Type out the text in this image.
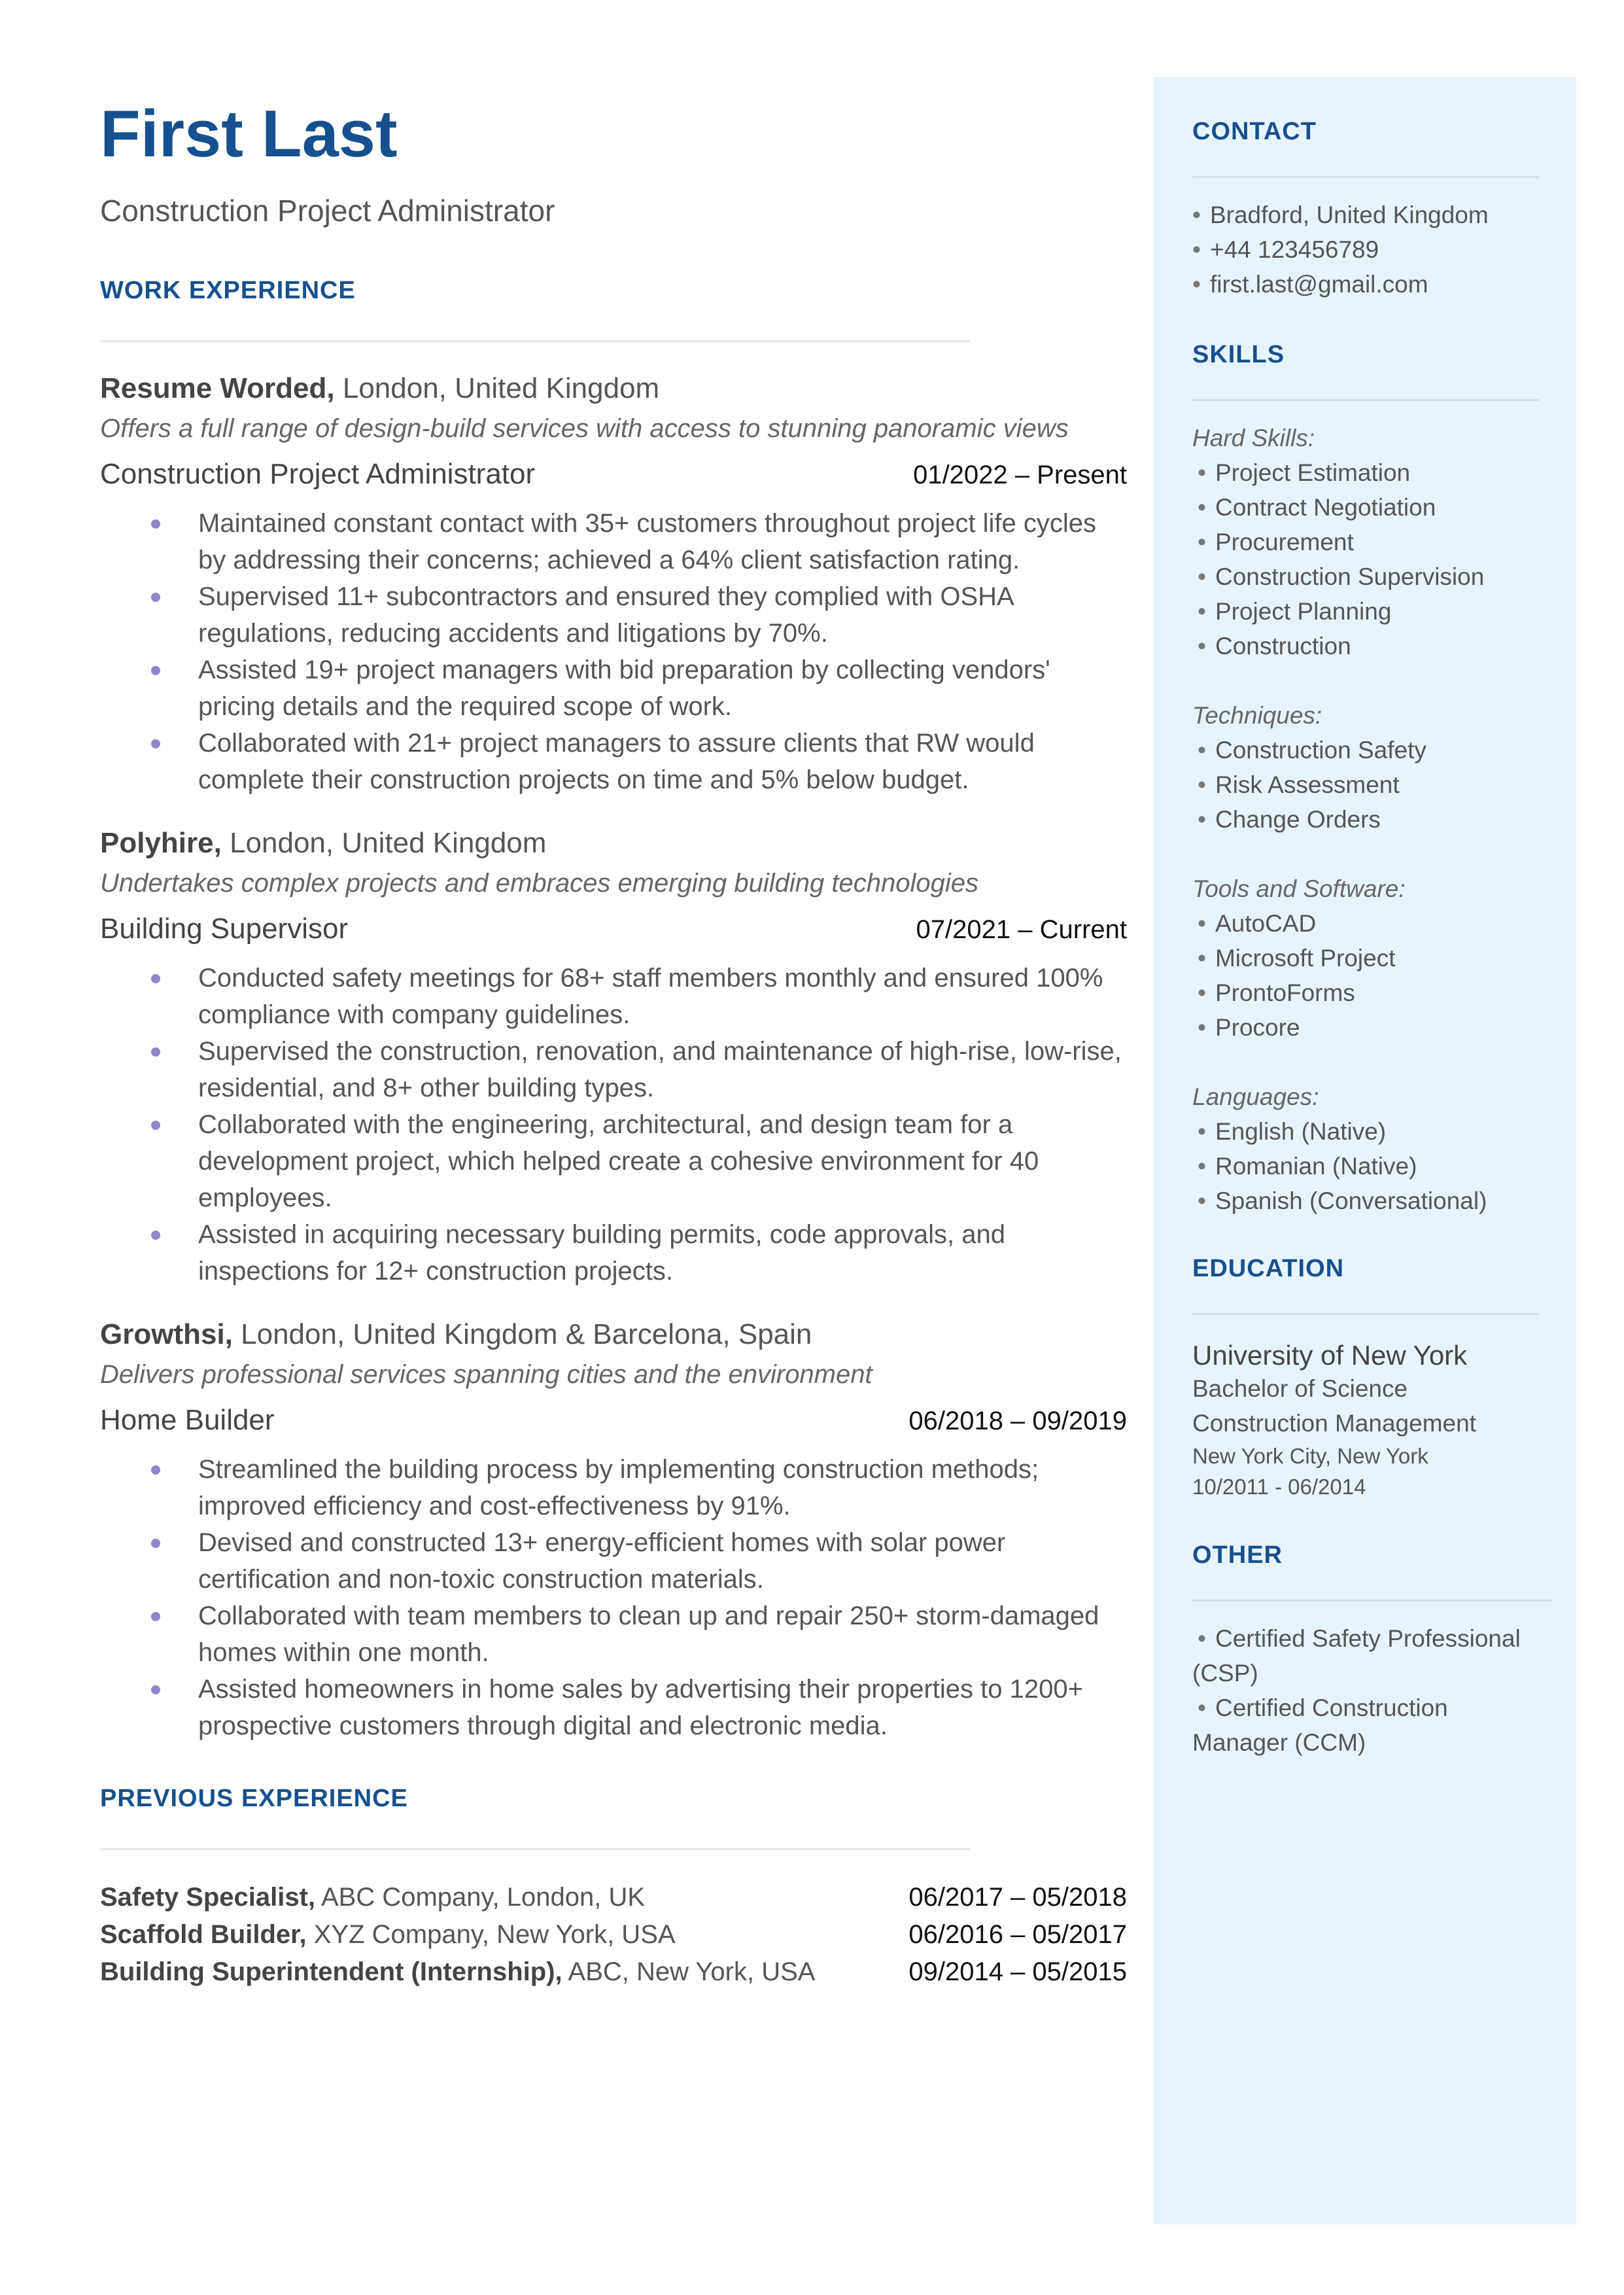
First Last
Construction Project Administrator
WORK EXPERIENCE
Resume Worded, London, United Kingdom
Offers a full range of design-build services with access to stunning panoramic views
Construction Project Administrator	01/2022 – Present
Maintained constant contact with 35+ customers throughout project life cycles by addressing their concerns; achieved a 64% client satisfaction rating.
Supervised 11+ subcontractors and ensured they complied with OSHA regulations, reducing accidents and litigations by 70%.
Assisted 19+ project managers with bid preparation by collecting vendors' pricing details and the required scope of work.
Collaborated with 21+ project managers to assure clients that RW would complete their construction projects on time and 5% below budget.
Polyhire, London, United Kingdom
Undertakes complex projects and embraces emerging building technologies
Building Supervisor	07/2021 – Current
Conducted safety meetings for 68+ staff members monthly and ensured 100% compliance with company guidelines.
Supervised the construction, renovation, and maintenance of high-rise, low-rise, residential, and 8+ other building types.
Collaborated with the engineering, architectural, and design team for a development project, which helped create a cohesive environment for 40 employees.
Assisted in acquiring necessary building permits, code approvals, and inspections for 12+ construction projects.
Growthsi, London, United Kingdom & Barcelona, Spain
Delivers professional services spanning cities and the environment
Home Builder	06/2018 – 09/2019
Streamlined the building process by implementing construction methods; improved efficiency and cost-effectiveness by 91%.
Devised and constructed 13+ energy-efficient homes with solar power certification and non-toxic construction materials.
Collaborated with team members to clean up and repair 250+ storm-damaged homes within one month.
Assisted homeowners in home sales by advertising their properties to 1200+ prospective customers through digital and electronic media.
PREVIOUS EXPERIENCE
Safety Specialist, ABC Company, London, UK	06/2017 – 05/2018
Scaffold Builder, XYZ Company, New York, USA	06/2016 – 05/2017
Building Superintendent (Internship), ABC, New York, USA	09/2014 – 05/2015
CONTACT
• Bradford, United Kingdom
• +44 123456789
• first.last@gmail.com
SKILLS
Hard Skills:
• Project Estimation
• Contract Negotiation
• Procurement
• Construction Supervision
• Project Planning
• Construction
Techniques:
• Construction Safety
• Risk Assessment
• Change Orders
Tools and Software:
• AutoCAD
• Microsoft Project
• ProntoForms
• Procore
Languages:
• English (Native)
• Romanian (Native)
• Spanish (Conversational)
EDUCATION
University of New York
Bachelor of Science
Construction Management
New York City, New York
10/2011 - 06/2014
OTHER
• Certified Safety Professional (CSP)
• Certified Construction Manager (CCM)
